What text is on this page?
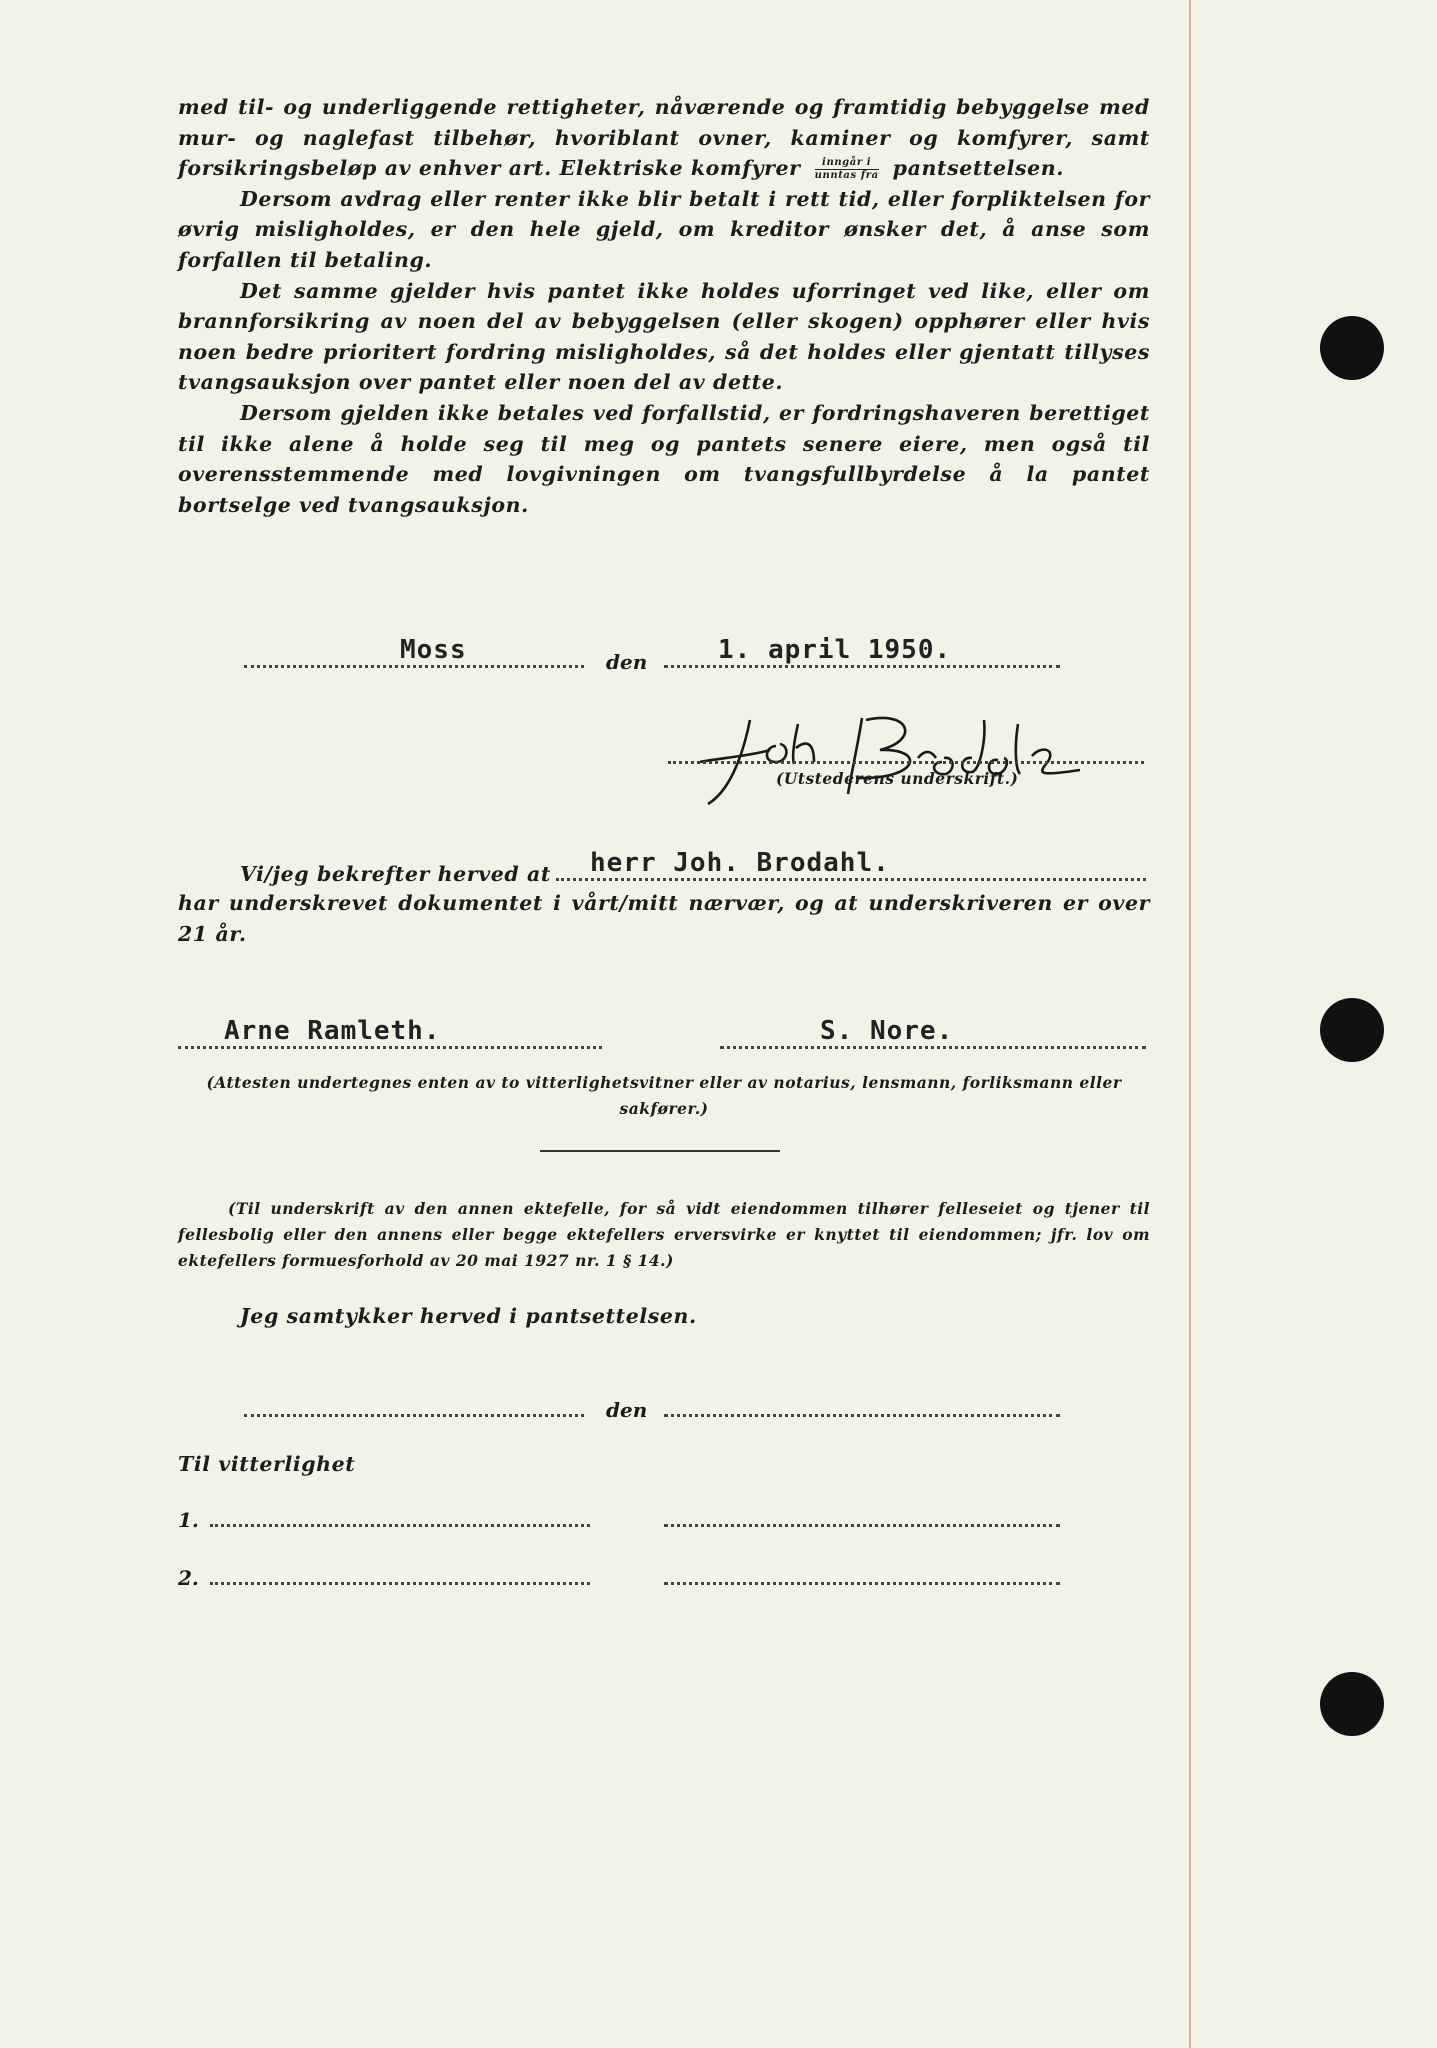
med til- og underliggende rettigheter, nåværende og framtidig bebyggelse med mur- og naglefast tilbehør, hvoriblant ovner, kaminer og komfyrer, samt forsikringsbeløp av enhver art. Elektriske komfyrer $\frac{\text{inngår i}}{\text{unntas fra}}$ pantsettelsen.

Dersom avdrag eller renter ikke blir betalt i rett tid, eller forpliktelsen for øvrig misligholdes, er den hele gjeld, om kreditor ønsker det, å anse som forfallen til betaling.

Det samme gjelder hvis pantet ikke holdes uforringet ved like, eller om brannforsikring av noen del av bebyggelsen (eller skogen) opphører eller hvis noen bedre prioritert fordring misligholdes, så det holdes eller gjentatt tillyses tvangsauksjon over pantet eller noen del av dette.

Dersom gjelden ikke betales ved forfallstid, er fordringshaveren berettiget til ikke alene å holde seg til meg og pantets senere eiere, men også til overensstemmende med lovgivningen om tvangsfullbyrdelse å la pantet bortselge ved tvangsauksjon.

Moss	den	1. april 1950.
(Utstederens underskrift.)
Vi/jeg bekrefter herved at herr Joh. Brodahl.
har underskrevet dokumentet i vårt/mitt nærvær, og at underskriveren er over 21 år.
Arne Ramleth.	S. Nore.
(Attesten undertegnes enten av to vitterlighetsvitner eller av notarius, lensmann, forliksmann eller sakfører.)
(Til underskrift av den annen ektefelle, for så vidt eiendommen tilhører felleseiet og tjener til fellesbolig eller den annens eller begge ektefellers erversvirke er knyttet til eiendommen; jfr. lov om ektefellers formuesforhold av 20 mai 1927 nr. 1 § 14.)
Jeg samtykker herved i pantsettelsen.
den
Til vitterlighet
1.
2.
